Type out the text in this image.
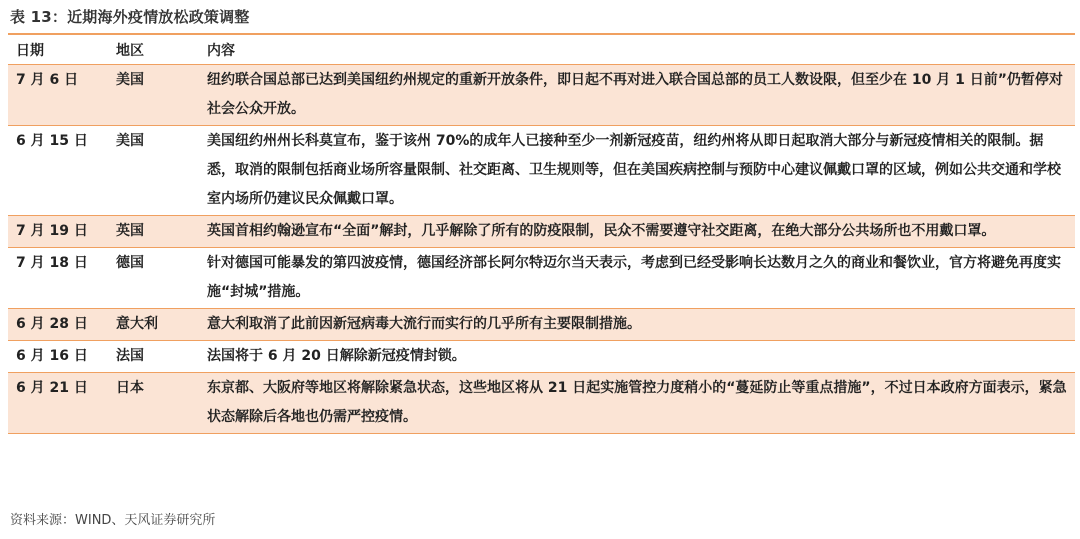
表 13：近期海外疫情放松政策调整
日期	地区	内容
7 月 6 日	美国	纽约联合国总部已达到美国纽约州规定的重新开放条件，即日起不再对进入联合国总部的员工人数设限，但至少在 10 月 1 日前”仍暂停对社会公众开放。
6 月 15 日	美国	美国纽约州州长科莫宣布，鉴于该州 70%的成年人已接种至少一剂新冠疫苗，纽约州将从即日起取消大部分与新冠疫情相关的限制。据悉，取消的限制包括商业场所容量限制、社交距离、卫生规则等，但在美国疾病控制与预防中心建议佩戴口罩的区域，例如公共交通和学校室内场所仍建议民众佩戴口罩。
7 月 19 日	英国	英国首相约翰逊宣布“全面”解封，几乎解除了所有的防疫限制，民众不需要遵守社交距离，在绝大部分公共场所也不用戴口罩。
7 月 18 日	德国	针对德国可能暴发的第四波疫情，德国经济部长阿尔特迈尔当天表示，考虑到已经受影响长达数月之久的商业和餐饮业，官方将避免再度实施“封城”措施。
6 月 28 日	意大利	意大利取消了此前因新冠病毒大流行而实行的几乎所有主要限制措施。
6 月 16 日	法国	法国将于 6 月 20 日解除新冠疫情封锁。
6 月 21 日	日本	东京都、大阪府等地区将解除紧急状态，这些地区将从 21 日起实施管控力度稍小的“蔓延防止等重点措施”，不过日本政府方面表示，紧急状态解除后各地也仍需严控疫情。
资料来源：WIND、天风证券研究所
